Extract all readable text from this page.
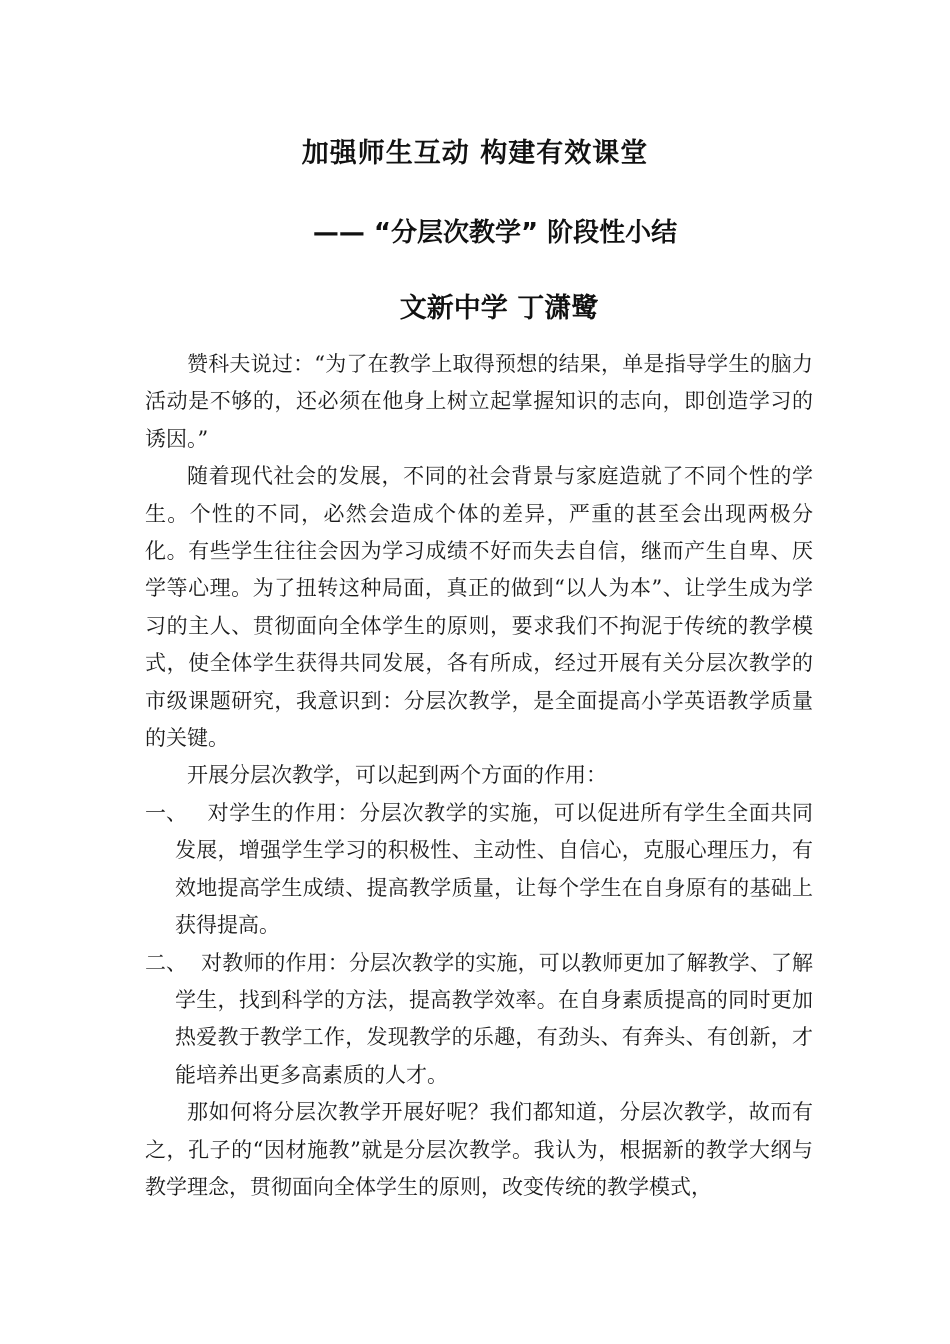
加强师生互动 构建有效课堂
—— “分层次教学” 阶段性小结
文新中学 丁潇鹭

赞科夫说过：“为了在教学上取得预想的结果，单是指导学生的脑力活动是不够的，还必须在他身上树立起掌握知识的志向，即创造学习的诱因。”

随着现代社会的发展，不同的社会背景与家庭造就了不同个性的学生。个性的不同，必然会造成个体的差异，严重的甚至会出现两极分化。有些学生往往会因为学习成绩不好而失去自信，继而产生自卑、厌学等心理。为了扭转这种局面，真正的做到“以人为本”、让学生成为学习的主人、贯彻面向全体学生的原则，要求我们不拘泥于传统的教学模式，使全体学生获得共同发展，各有所成，经过开展有关分层次教学的市级课题研究，我意识到：分层次教学，是全面提高小学英语教学质量的关键。

开展分层次教学，可以起到两个方面的作用：

一、 对学生的作用：分层次教学的实施，可以促进所有学生全面共同发展，增强学生学习的积极性、主动性、自信心，克服心理压力，有效地提高学生成绩、提高教学质量，让每个学生在自身原有的基础上获得提高。

二、 对教师的作用：分层次教学的实施，可以教师更加了解教学、了解学生，找到科学的方法，提高教学效率。在自身素质提高的同时更加热爱教于教学工作，发现教学的乐趣，有劲头、有奔头、有创新，才能培养出更多高素质的人才。

那如何将分层次教学开展好呢？我们都知道，分层次教学，故而有之，孔子的“因材施教”就是分层次教学。我认为，根据新的教学大纲与教学理念，贯彻面向全体学生的原则，改变传统的教学模式，
